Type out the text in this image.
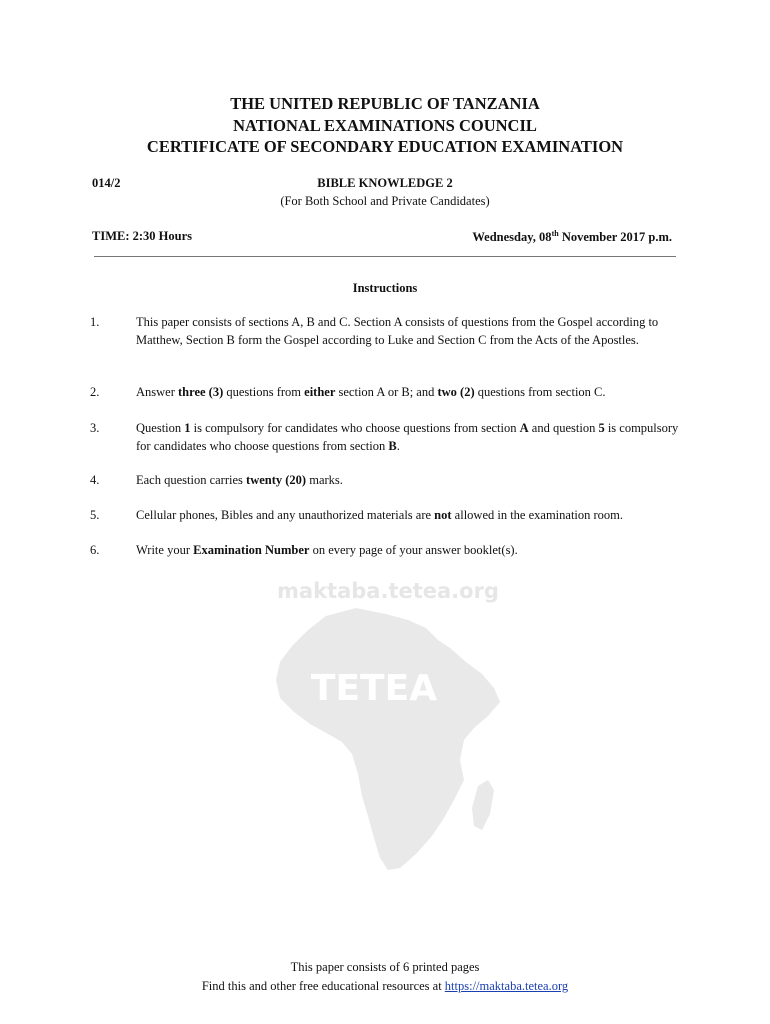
THE UNITED REPUBLIC OF TANZANIA
NATIONAL EXAMINATIONS COUNCIL
CERTIFICATE OF SECONDARY EDUCATION EXAMINATION
014/2	BIBLE KNOWLEDGE 2
(For Both School and Private Candidates)
TIME: 2:30 Hours	Wednesday, 08th November 2017 p.m.
Instructions
1.	This paper consists of sections A, B and C. Section A consists of questions from the Gospel according to Matthew, Section B form the Gospel according to Luke and Section C from the Acts of the Apostles.
2.	Answer three (3) questions from either section A or B; and two (2) questions from section C.
3.	Question 1 is compulsory for candidates who choose questions from section A and question 5 is compulsory for candidates who choose questions from section B.
4.	Each question carries twenty (20) marks.
5.	Cellular phones, Bibles and any unauthorized materials are not allowed in the examination room.
6.	Write your Examination Number on every page of your answer booklet(s).
maktaba.tetea.org
TETEA
This paper consists of 6 printed pages
Find this and other free educational resources at https://maktaba.tetea.org
